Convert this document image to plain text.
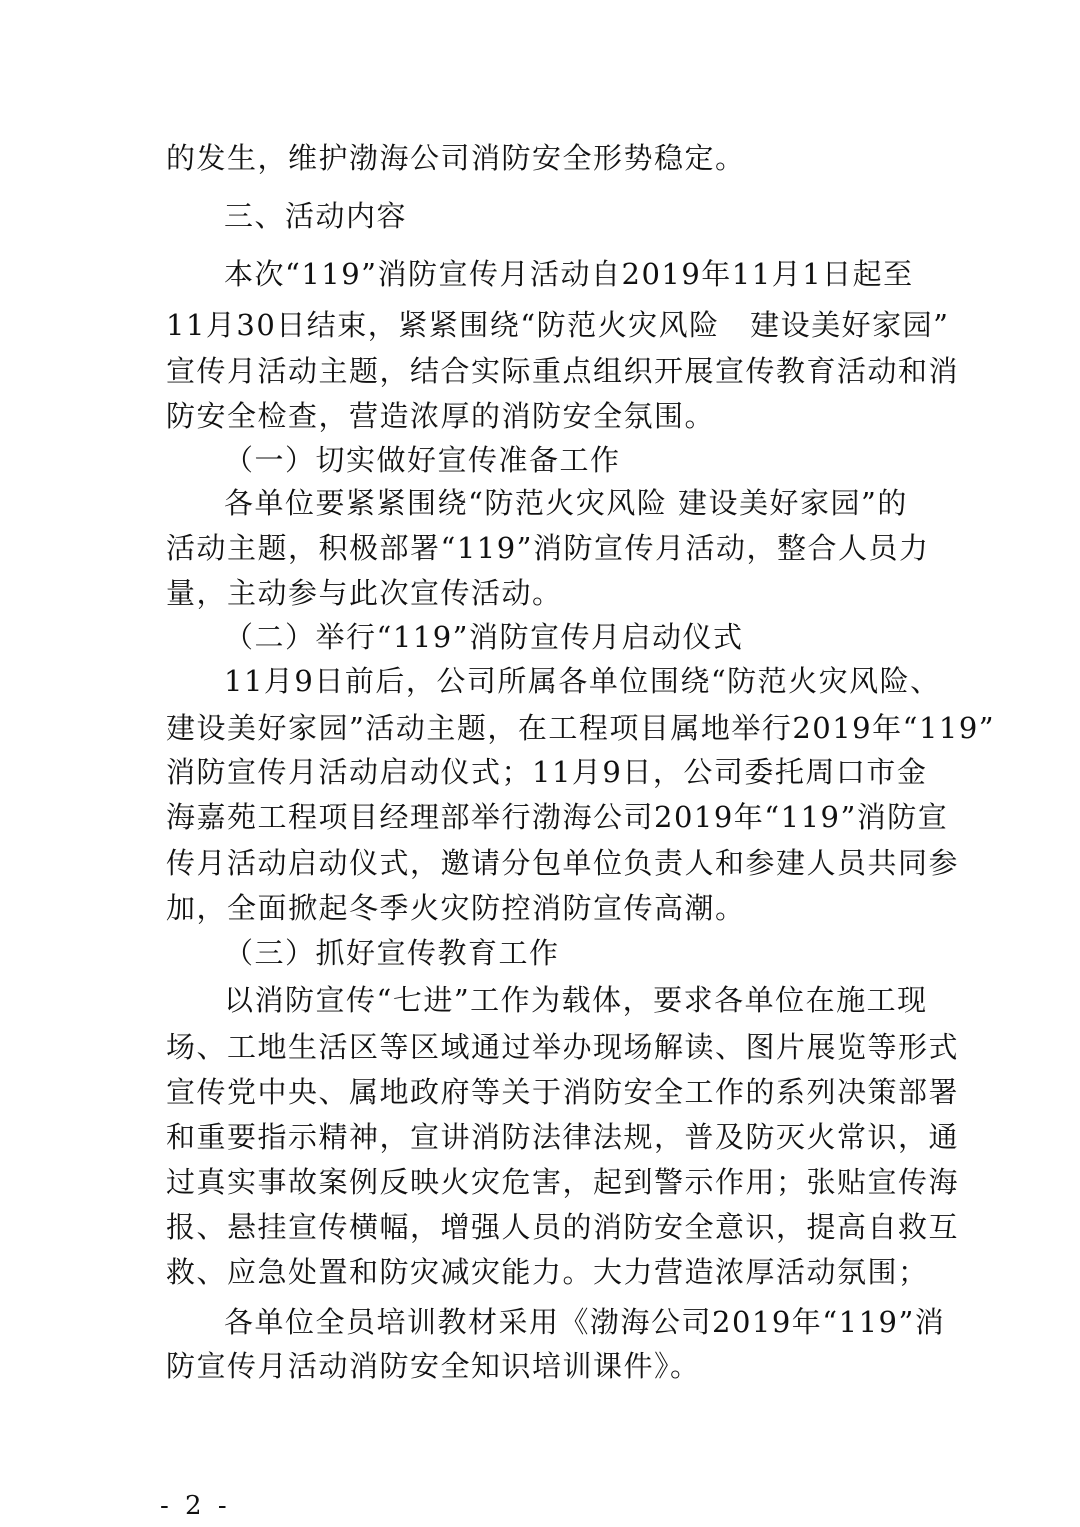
的发生，维护渤海公司消防安全形势稳定。
三、活动内容
本次“119”消防宣传月活动自2019年11月1日起至
11月30日结束，紧紧围绕“防范火灾风险　建设美好家园”
宣传月活动主题，结合实际重点组织开展宣传教育活动和消
防安全检查，营造浓厚的消防安全氛围。
（一）切实做好宣传准备工作
各单位要紧紧围绕“防范火灾风险 建设美好家园”的
活动主题，积极部署“119”消防宣传月活动，整合人员力
量，主动参与此次宣传活动。
（二）举行“119”消防宣传月启动仪式
11月9日前后，公司所属各单位围绕“防范火灾风险、
建设美好家园”活动主题，在工程项目属地举行2019年“119”
消防宣传月活动启动仪式；11月9日，公司委托周口市金
海嘉苑工程项目经理部举行渤海公司2019年“119”消防宣
传月活动启动仪式，邀请分包单位负责人和参建人员共同参
加，全面掀起冬季火灾防控消防宣传高潮。
（三）抓好宣传教育工作
以消防宣传“七进”工作为载体，要求各单位在施工现
场、工地生活区等区域通过举办现场解读、图片展览等形式
宣传党中央、属地政府等关于消防安全工作的系列决策部署
和重要指示精神，宣讲消防法律法规，普及防灭火常识，通
过真实事故案例反映火灾危害，起到警示作用；张贴宣传海
报、悬挂宣传横幅，增强人员的消防安全意识，提高自救互
救、应急处置和防灾减灾能力。大力营造浓厚活动氛围；
各单位全员培训教材采用《渤海公司2019年“119”消
防宣传月活动消防安全知识培训课件》。
- 2 -
